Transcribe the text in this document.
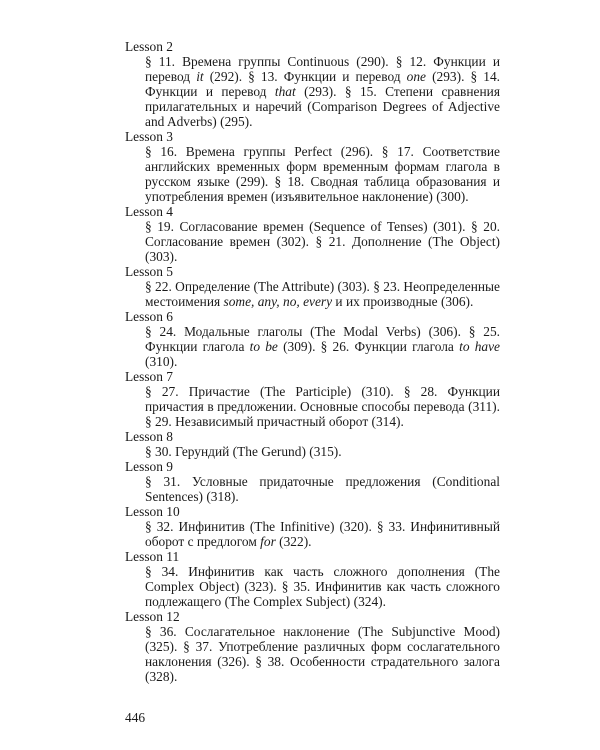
Lesson 2
§ 11. Времена группы Continuous (290). § 12. Функции и перевод it (292). § 13. Функции и перевод one (293). § 14. Функции и перевод that (293). § 15. Степени сравнения прилагательных и наречий (Comparison Degrees of Adjective and Adverbs) (295).
Lesson 3
§ 16. Времена группы Perfect (296). § 17. Соответствие английских временных форм временным формам глагола в русском языке (299). § 18. Сводная таблица образования и употребления времен (изъявительное наклонение) (300).
Lesson 4
§ 19. Согласование времен (Sequence of Tenses) (301). § 20. Согласование времен (302). § 21. Дополнение (The Object) (303).
Lesson 5
§ 22. Определение (The Attribute) (303). § 23. Неопределенные местоимения some, any, no, every и их производные (306).
Lesson 6
§ 24. Модальные глаголы (The Modal Verbs) (306). § 25. Функции глагола to be (309). § 26. Функции глагола to have (310).
Lesson 7
§ 27. Причастие (The Participle) (310). § 28. Функции причастия в предложении. Основные способы перевода (311). § 29. Независимый причастный оборот (314).
Lesson 8
§ 30. Герундий (The Gerund) (315).
Lesson 9
§ 31. Условные придаточные предложения (Conditional Sentences) (318).
Lesson 10
§ 32. Инфинитив (The Infinitive) (320). § 33. Инфинитивный оборот с предлогом for (322).
Lesson 11
§ 34. Инфинитив как часть сложного дополнения (The Complex Object) (323). § 35. Инфинитив как часть сложного подлежащего (The Complex Subject) (324).
Lesson 12
§ 36. Сослагательное наклонение (The Subjunctive Mood) (325). § 37. Употребление различных форм сослагательного наклонения (326). § 38. Особенности страдательного залога (328).
446
